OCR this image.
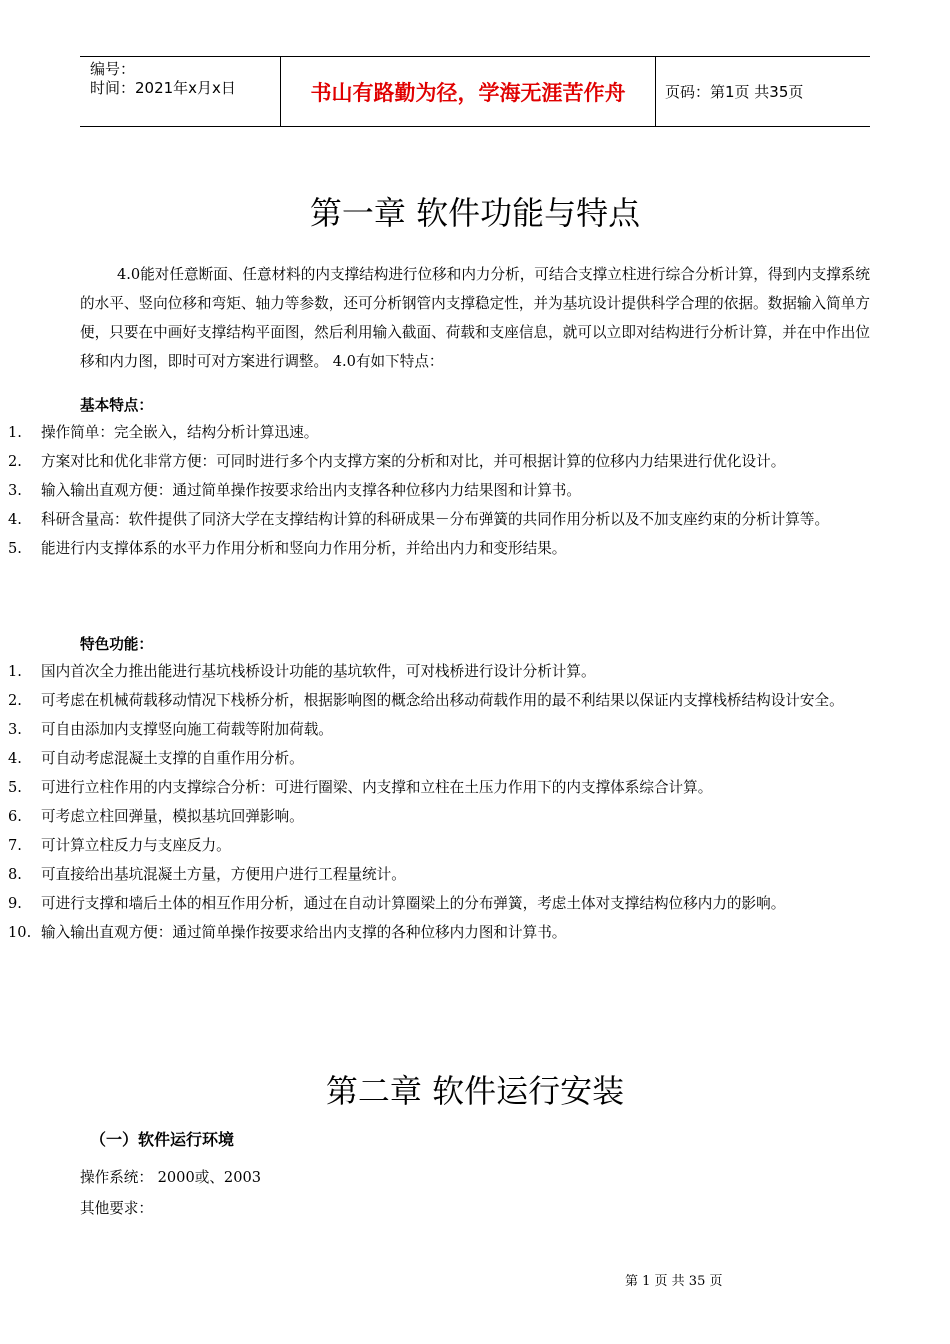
编号：
时间：2021年x月x日	书山有路勤为径，学海无涯苦作舟	页码：第1页 共35页
第一章 软件功能与特点
4.0能对任意断面、任意材料的内支撑结构进行位移和内力分析，可结合支撑立柱进行综合分析计算，得到内支撑系统的水平、竖向位移和弯矩、轴力等参数，还可分析钢管内支撑稳定性，并为基坑设计提供科学合理的依据。数据输入简单方便，只要在中画好支撑结构平面图，然后利用输入截面、荷载和支座信息，就可以立即对结构进行分析计算，并在中作出位移和内力图，即时可对方案进行调整。 4.0有如下特点：
基本特点：
1. 操作简单：完全嵌入，结构分析计算迅速。
2. 方案对比和优化非常方便：可同时进行多个内支撑方案的分析和对比，并可根据计算的位移内力结果进行优化设计。
3. 输入输出直观方便：通过简单操作按要求给出内支撑各种位移内力结果图和计算书。
4. 科研含量高：软件提供了同济大学在支撑结构计算的科研成果－分布弹簧的共同作用分析以及不加支座约束的分析计算等。
5. 能进行内支撑体系的水平力作用分析和竖向力作用分析，并给出内力和变形结果。
特色功能：
1. 国内首次全力推出能进行基坑栈桥设计功能的基坑软件，可对栈桥进行设计分析计算。
2. 可考虑在机械荷载移动情况下栈桥分析，根据影响图的概念给出移动荷载作用的最不利结果以保证内支撑栈桥结构设计安全。
3. 可自由添加内支撑竖向施工荷载等附加荷载。
4. 可自动考虑混凝土支撑的自重作用分析。
5. 可进行立柱作用的内支撑综合分析：可进行圈梁、内支撑和立柱在土压力作用下的内支撑体系综合计算。
6. 可考虑立柱回弹量，模拟基坑回弹影响。
7. 可计算立柱反力与支座反力。
8. 可直接给出基坑混凝土方量，方便用户进行工程量统计。
9. 可进行支撑和墙后土体的相互作用分析，通过在自动计算圈梁上的分布弹簧，考虑土体对支撑结构位移内力的影响。
10. 输入输出直观方便：通过简单操作按要求给出内支撑的各种位移内力图和计算书。
第二章 软件运行安装
（一）软件运行环境
操作系统： 2000或、2003
其他要求：
第 1 页 共 35 页
